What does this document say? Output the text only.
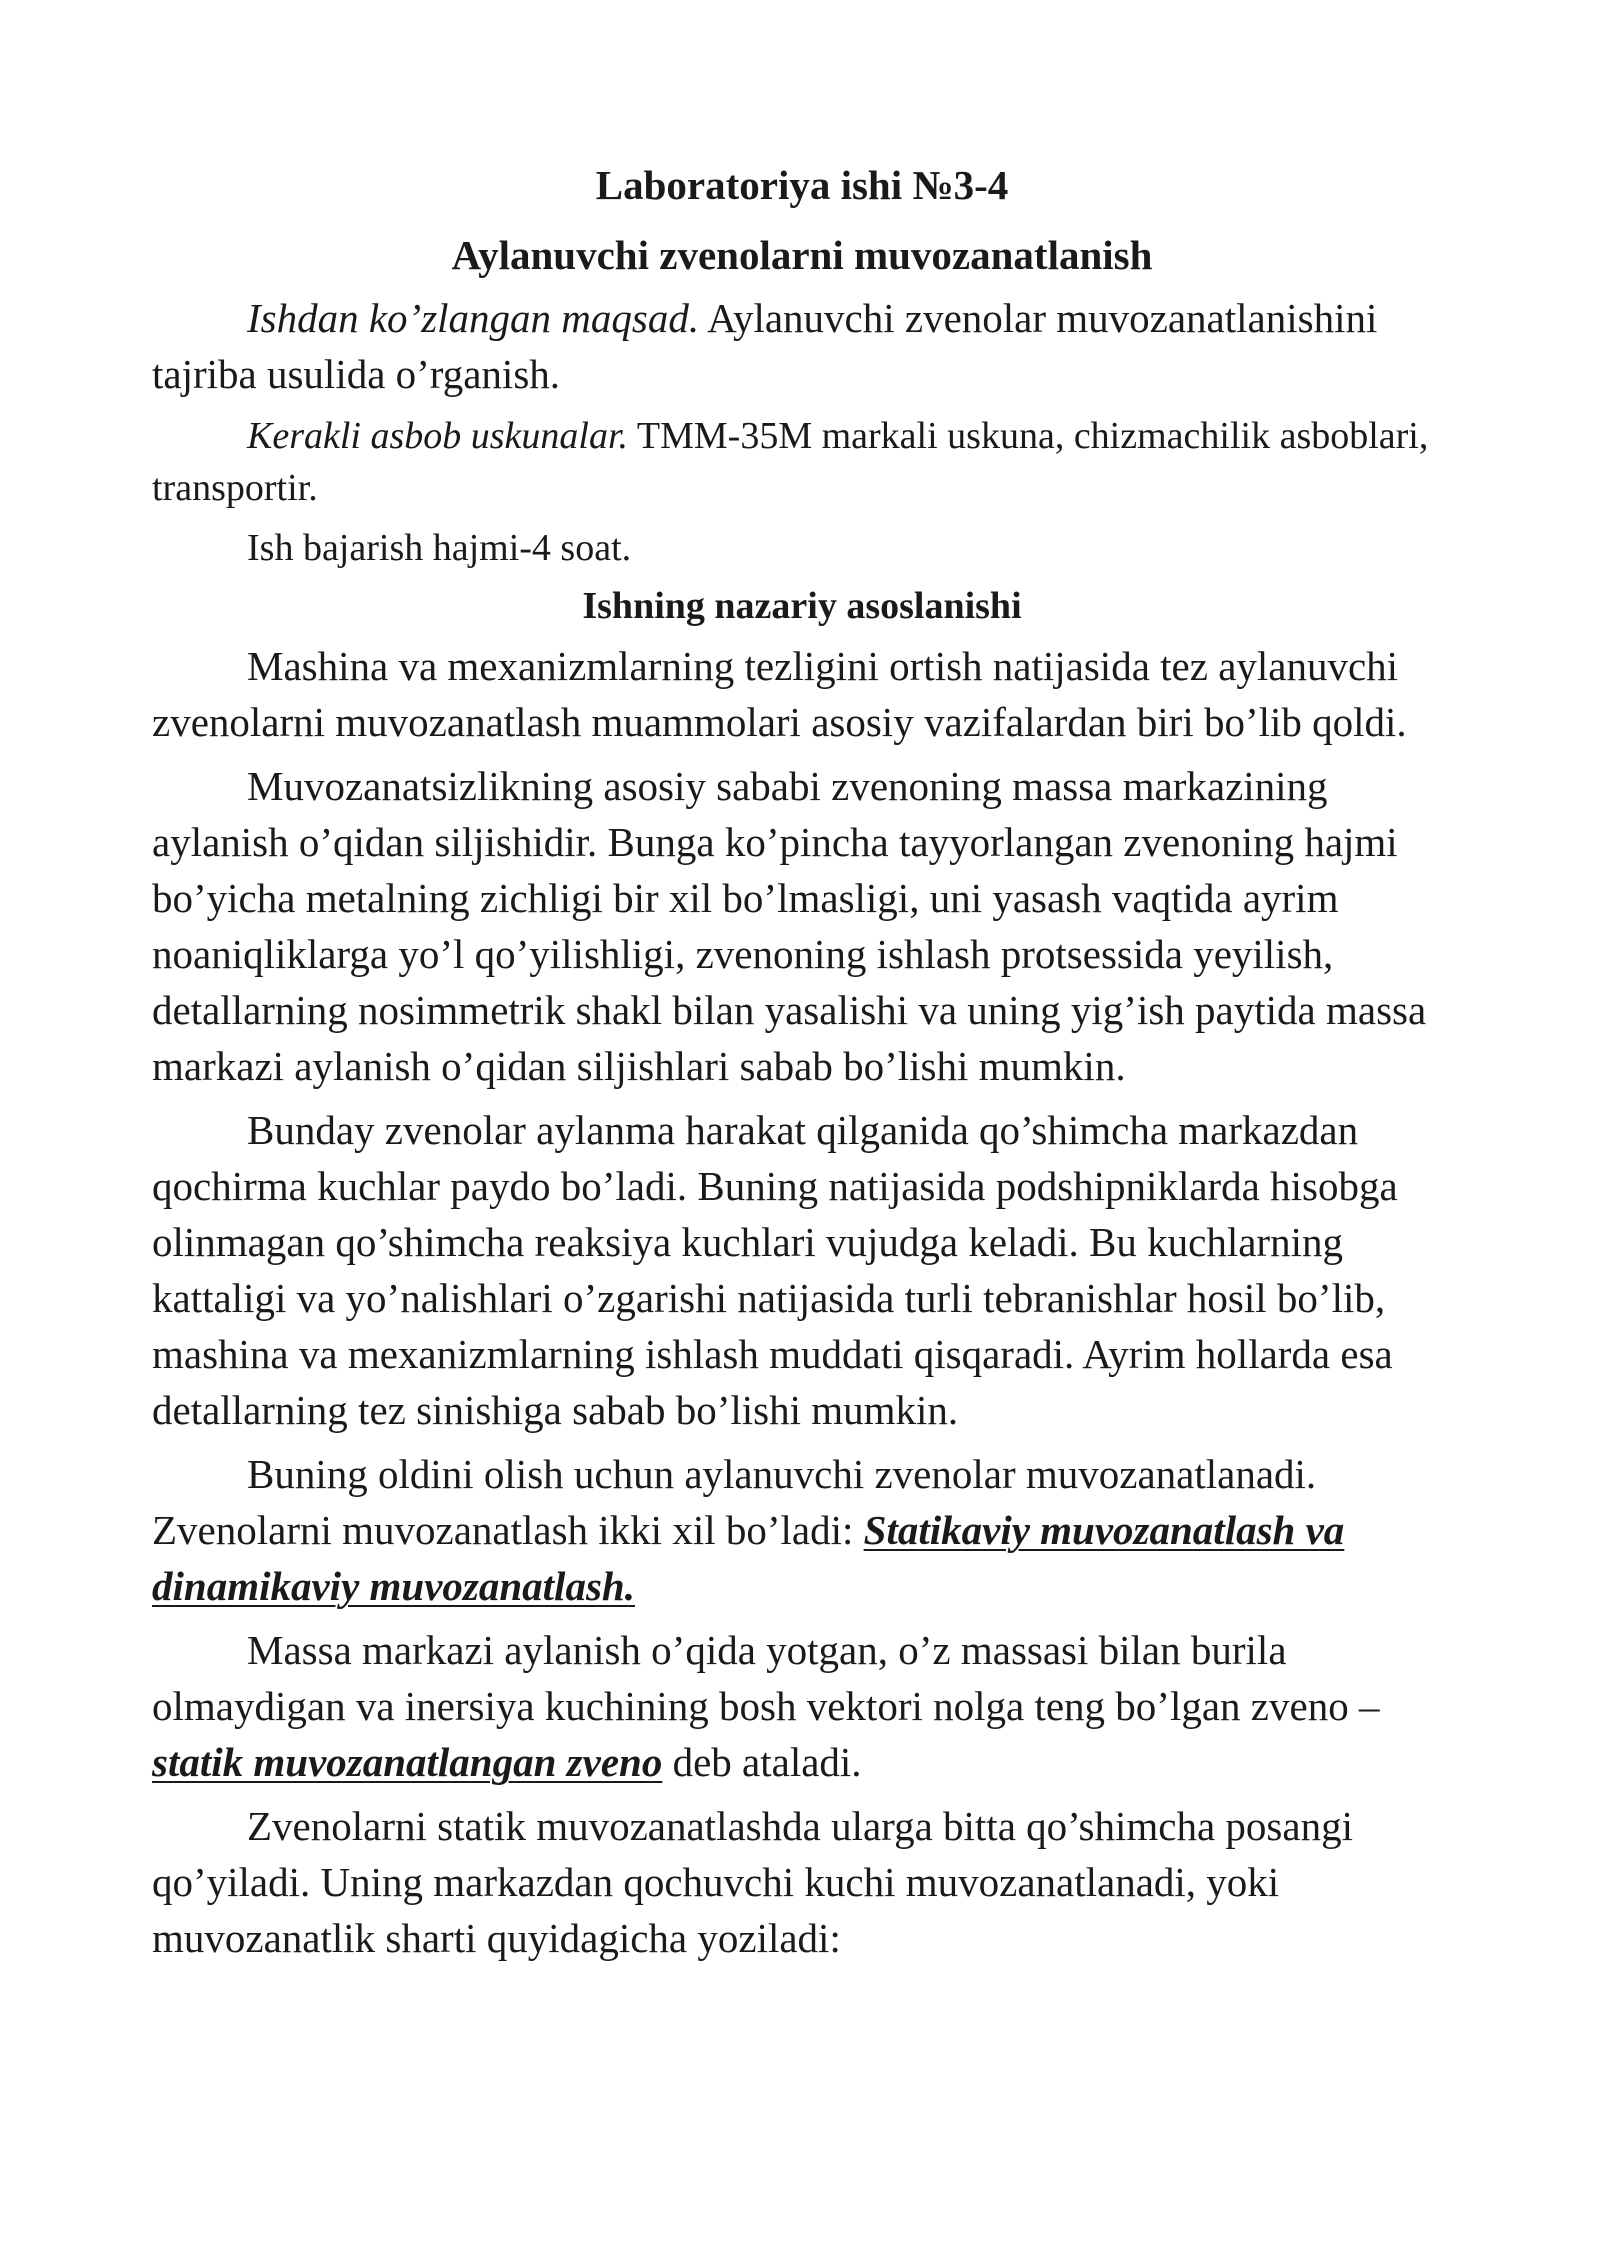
Laboratoriya ishi №3-4
Aylanuvchi zvenolarni muvozanatlanish

Ishdan ko’zlangan maqsad. Aylanuvchi zvenolar muvozanatlanishini tajriba usulida o’rganish.

Kerakli asbob uskunalar. TMM-35M markali uskuna, chizmachilik asboblari, transportir.

Ish bajarish hajmi-4 soat.

Ishning nazariy asoslanishi

Mashina va mexanizmlarning tezligini ortish natijasida tez aylanuvchi zvenolarni muvozanatlash muammolari asosiy vazifalardan biri bo’lib qoldi.

Muvozanatsizlikning asosiy sababi zvenoning massa markazining aylanish o’qidan siljishidir. Bunga ko’pincha tayyorlangan zvenoning hajmi bo’yicha metalning zichligi bir xil bo’lmasligi, uni yasash vaqtida ayrim noaniqliklarga yo’l qo’yilishligi, zvenoning ishlash protsessida yeyilish, detallarning nosimmetrik shakl bilan yasalishi va uning yig’ish paytida massa markazi aylanish o’qidan siljishlari sabab bo’lishi mumkin.

Bunday zvenolar aylanma harakat qilganida qo’shimcha markazdan qochirma kuchlar paydo bo’ladi. Buning natijasida podshipniklarda hisobga olinmagan qo’shimcha reaksiya kuchlari vujudga keladi. Bu kuchlarning kattaligi va yo’nalishlari o’zgarishi natijasida turli tebranishlar hosil bo’lib, mashina va mexanizmlarning ishlash muddati qisqaradi. Ayrim hollarda esa detallarning tez sinishiga sabab bo’lishi mumkin.

Buning oldini olish uchun aylanuvchi zvenolar muvozanatlanadi. Zvenolarni muvozanatlash ikki xil bo’ladi: Statikaviy muvozanatlash va dinamikaviy muvozanatlash.

Massa markazi aylanish o’qida yotgan, o’z massasi bilan burila olmaydigan va inersiya kuchining bosh vektori nolga teng bo’lgan zveno – statik muvozanatlangan zveno deb ataladi.

Zvenolarni statik muvozanatlashda ularga bitta qo’shimcha posangi qo’yiladi. Uning markazdan qochuvchi kuchi muvozanatlanadi, yoki muvozanatlik sharti quyidagicha yoziladi:
